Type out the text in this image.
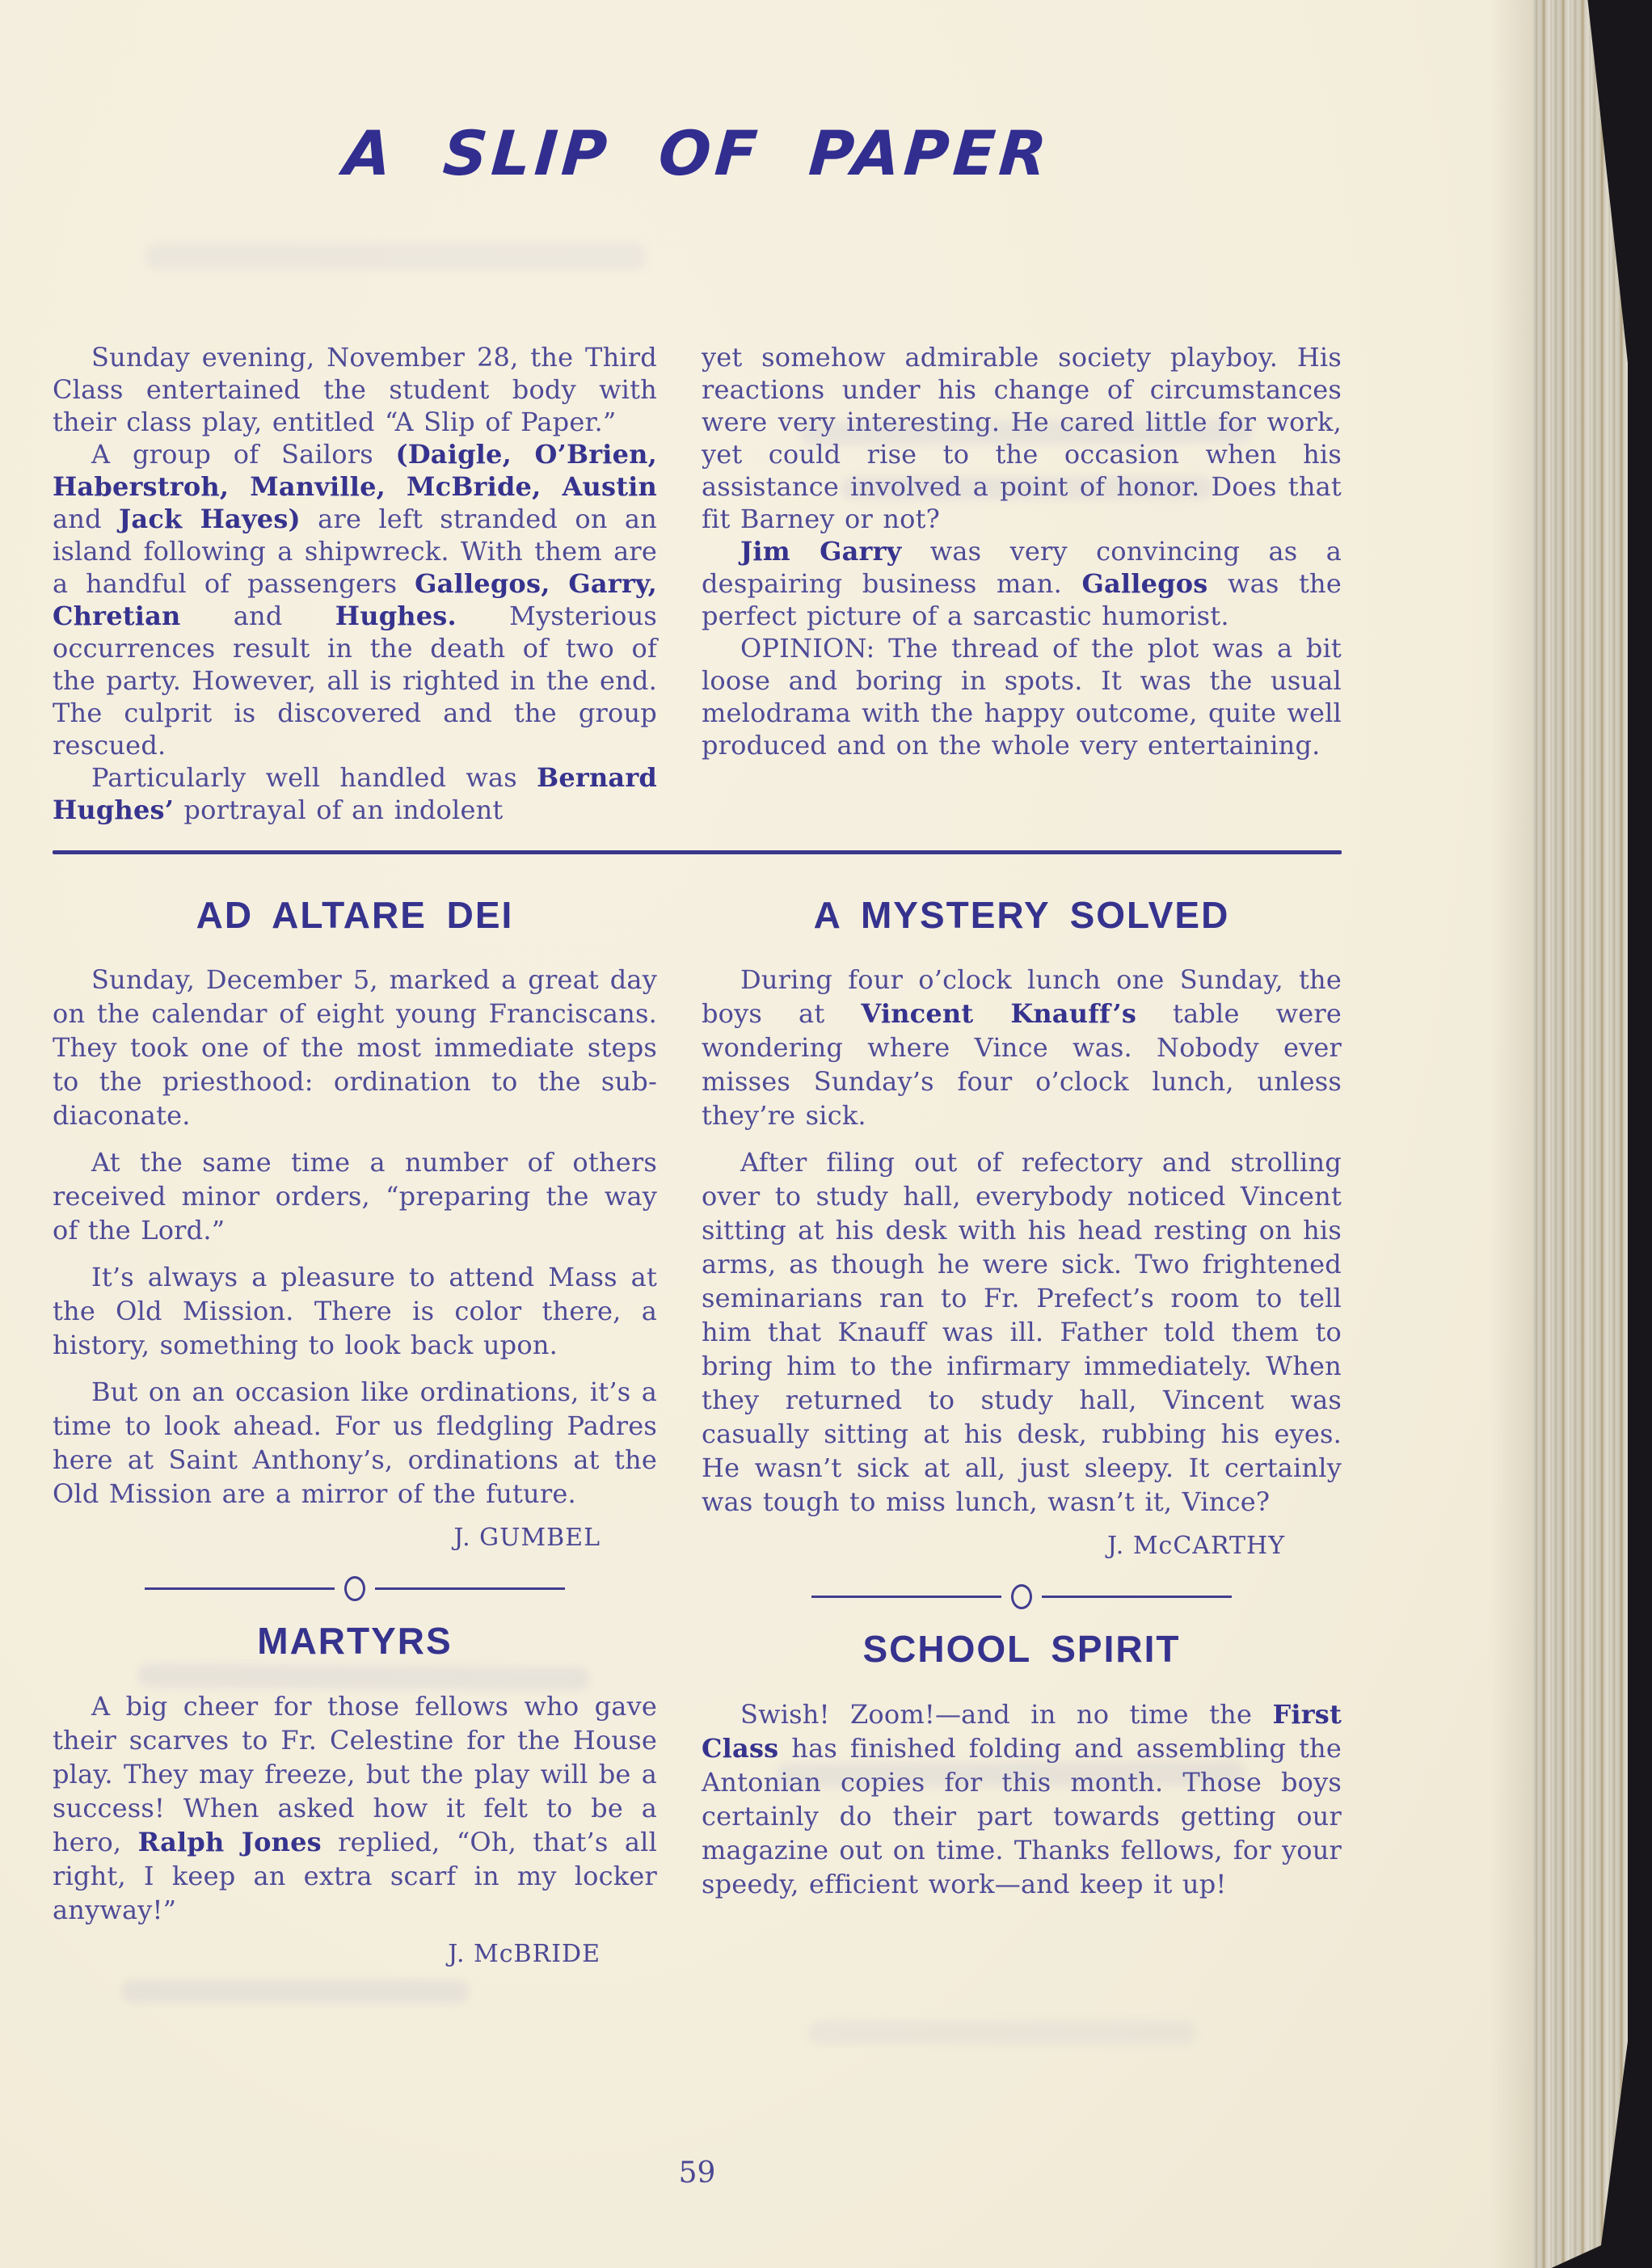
A SLIP OF PAPER

Sunday evening, November 28, the Third Class entertained the student body with their class play, entitled “A Slip of Paper.”

A group of Sailors (Daigle, O’Brien, Haberstroh, Manville, McBride, Austin and Jack Hayes) are left stranded on an island following a shipwreck. With them are a handful of passengers Gallegos, Garry, Chretian and Hughes. Mysterious occurrences result in the death of two of the party. However, all is righted in the end. The culprit is discovered and the group rescued.

Particularly well handled was Bernard Hughes’ portrayal of an indolent

yet somehow admirable society playboy. His reactions under his change of circumstances were very interesting. He cared little for work, yet could rise to the occasion when his assistance involved a point of honor. Does that fit Barney or not?

Jim Garry was very convincing as a despairing business man. Gallegos was the perfect picture of a sarcastic humorist.

OPINION: The thread of the plot was a bit loose and boring in spots. It was the usual melodrama with the happy outcome, quite well produced and on the whole very entertaining.

AD ALTARE DEI

Sunday, December 5, marked a great day on the calendar of eight young Franciscans. They took one of the most immediate steps to the priesthood: ordination to the sub-diaconate.

At the same time a number of others received minor orders, “preparing the way of the Lord.”

It’s always a pleasure to attend Mass at the Old Mission. There is color there, a history, something to look back upon.

But on an occasion like ordinations, it’s a time to look ahead. For us fledgling Padres here at Saint Anthony’s, ordinations at the Old Mission are a mirror of the future.

J. GUMBEL
MARTYRS

A big cheer for those fellows who gave their scarves to Fr. Celestine for the House play. They may freeze, but the play will be a success! When asked how it felt to be a hero, Ralph Jones replied, “Oh, that’s all right, I keep an extra scarf in my locker anyway!”

J. McBRIDE
A MYSTERY SOLVED

During four o’clock lunch one Sunday, the boys at Vincent Knauff’s table were wondering where Vince was. Nobody ever misses Sunday’s four o’clock lunch, unless they’re sick.

After filing out of refectory and strolling over to study hall, everybody noticed Vincent sitting at his desk with his head resting on his arms, as though he were sick. Two frightened seminarians ran to Fr. Prefect’s room to tell him that Knauff was ill. Father told them to bring him to the infirmary immediately. When they returned to study hall, Vincent was casually sitting at his desk, rubbing his eyes. He wasn’t sick at all, just sleepy. It certainly was tough to miss lunch, wasn’t it, Vince?

J. McCARTHY
SCHOOL SPIRIT

Swish! Zoom!—and in no time the First Class has finished folding and assembling the Antonian copies for this month. Those boys certainly do their part towards getting our magazine out on time. Thanks fellows, for your speedy, efficient work—and keep it up!

59
